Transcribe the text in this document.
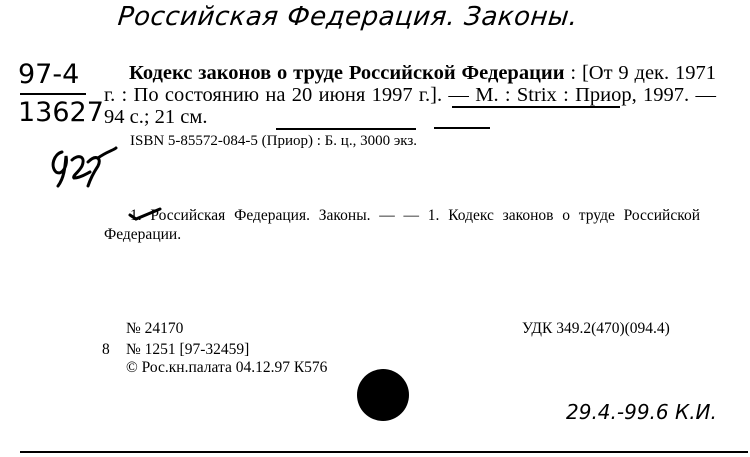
Российская Федерация. Законы.
97-4
13627
д27
Кодекс законов о труде Российской Федерации : [От 9 дек. 1971 г. : По состоянию на 20 июня 1997 г.]. — М. : Strix : Приор, 1997. — 94 с.; 21 см.
ISBN 5-85572-084-5 (Приор) : Б. ц., 3000 экз.
1. Российская Федерация. Законы. — — 1. Кодекс законов о труде Российской Федерации.
№ 24170
8 № 1251 [97-32459]
© Рос.кн.палата 04.12.97 К576
УДК 349.2(470)(094.4)
29.4.-99.6 К.И.
